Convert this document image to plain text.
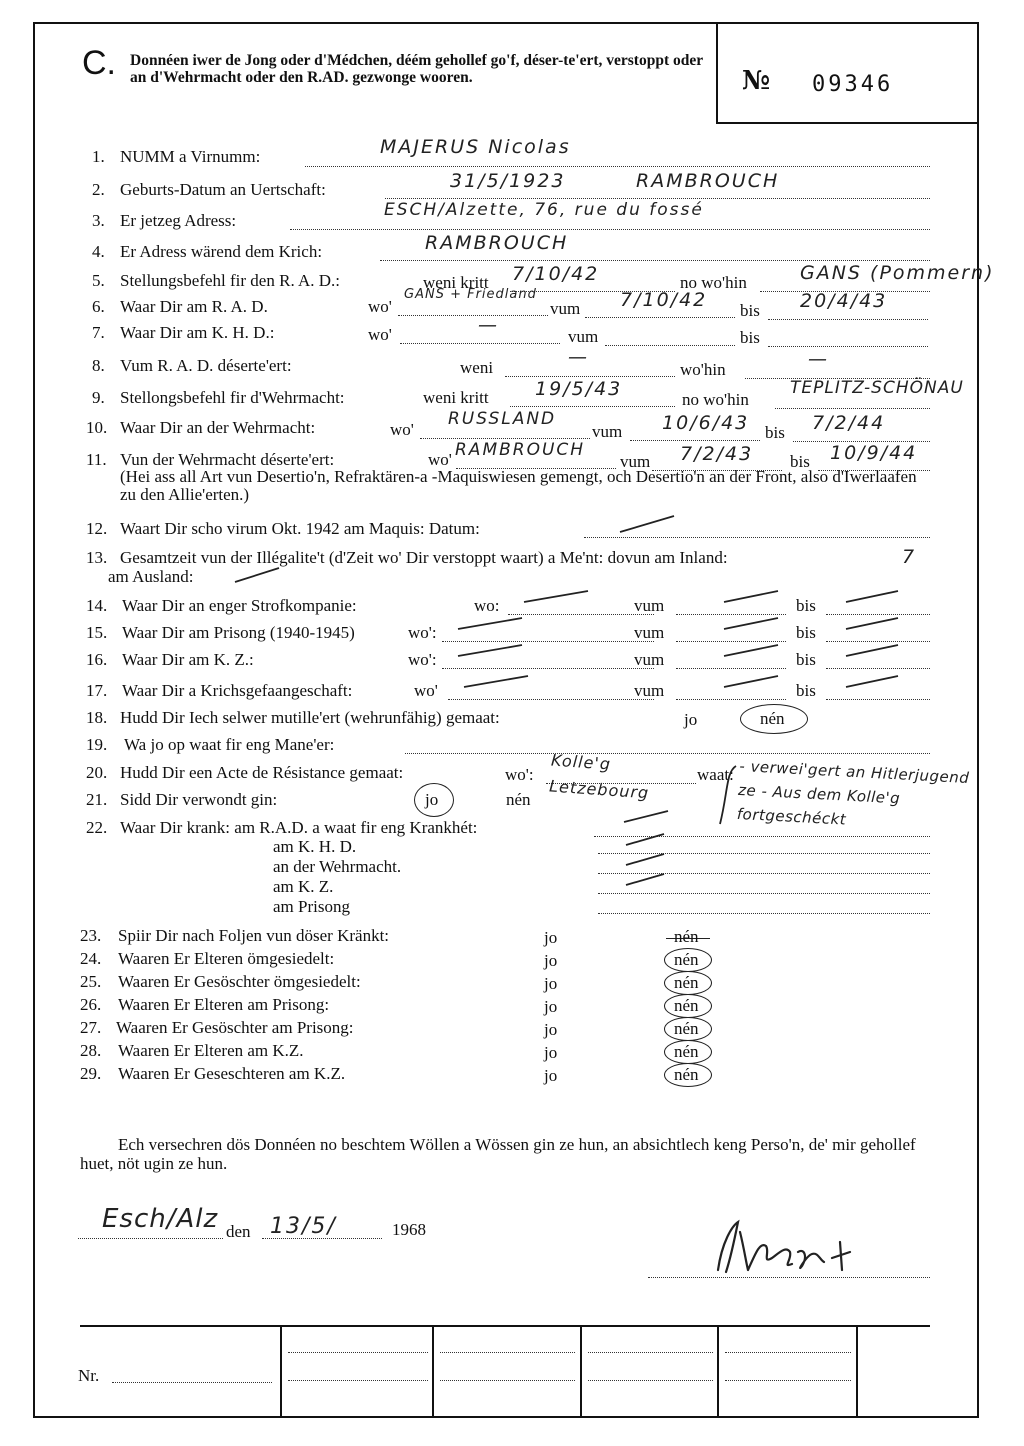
C. Donnéen iwer de Jong oder d'Médchen, déém gehollef go'f, déser-te'ert, verstoppt oder an d'Wehrmacht oder den R.AD. gezwonge wooren.	№ 09346
1. NUMM a Virnumm:	MAJERUS Nicolas
2. Geburts-Datum an Uertschaft:	31/5/1923	RAMBROUCH
3. Er jetzeg Adress:
ESCH/Alzette, 76, rue du fossé
4. Er Adress wärend dem Krich:	RAMBROUCH
5. Stellungsbefehl fir den R. A. D.:	weni kritt 7/10/42	no wo'hin	GANS (Pommern)
6. Waar Dir am R. A. D.	wo'
GANS + Friedland
vum 7/10/42 bis 20/4/43
7. Waar Dir am K. H. D.:	wo'	—
vum	bis
8. Vum R. A. D. déserte'ert:	weni	—
wo'hin	—
9. Stellongsbefehl fir d'Wehrmacht:	weni kritt 19/5/43	no wo'hin
TEPLITZ-SCHÖNAU
10. Waar Dir an der Wehrmacht:	wo'
RUSSLAND
vum 10/6/43 bis 7/2/44
11. Vun der Wehrmacht déserte'ert:	wo' RAMBROUCH
vum 7/2/43 bis 10/9/44
(Hei ass all Art vun Desertio'n, Refraktären-a -Maquiswiesen gemengt, och Desertio'n an der Front, also d'Iwerlaafen zu den Allie'erten.)
12. Waart Dir scho virum Okt. 1942 am Maquis: Datum:
13. Gesamtzeit vun der Illégalite't (d'Zeit wo' Dir verstoppt waart) a Me'nt: dovun am Inland:	7
am Ausland:
14. Waar Dir an enger Strofkompanie:	wo:	vum	bis
15. Waar Dir am Prisong (1940-1945)	wo':	vum	bis
16. Waar Dir am K. Z.:	wo':	vum	bis
17. Waar Dir a Krichsgefaangeschaft:	wo'	vum	bis
18. Hudd Dir Iech selwer mutille'ert (wehrunfähig) gemaat:	jo	nén
19. Wa jo op waat fir eng Mane'er:
20. Hudd Dir een Acte de Résistance gemaat:	wo':
Kolle'g Letzebourg
waat: - verwei'gert an Hitlerjugend ze - Aus dem Kolle'g fortgeschéckt
21. Sidd Dir verwondt gin:	jo	nén
22. Waar Dir krank: am R.A.D. a waat fir eng Krankhét:
am K. H. D.
an der Wehrmacht.
am K. Z.
am Prisong
23. Spiir Dir nach Foljen vun döser Kränkt:	jo	nén
24. Waaren Er Elteren ömgesiedelt:	jo	nén
25. Waaren Er Gesöschter ömgesiedelt:	jo	nén
26. Waaren Er Elteren am Prisong:	jo	nén
27. Waaren Er Gesöschter am Prisong:	jo	nén
28. Waaren Er Elteren am K.Z.	jo	nén
29. Waaren Er Geseschteren am K.Z.	jo	nén
Ech versechren dös Donnéen no beschtem Wöllen a Wössen gin ze hun, an absichtlech keng Perso'n, de' mir gehollef huet, nöt ugin ze hun.
Esch/Alz den 13/5/	1968
Nr.
